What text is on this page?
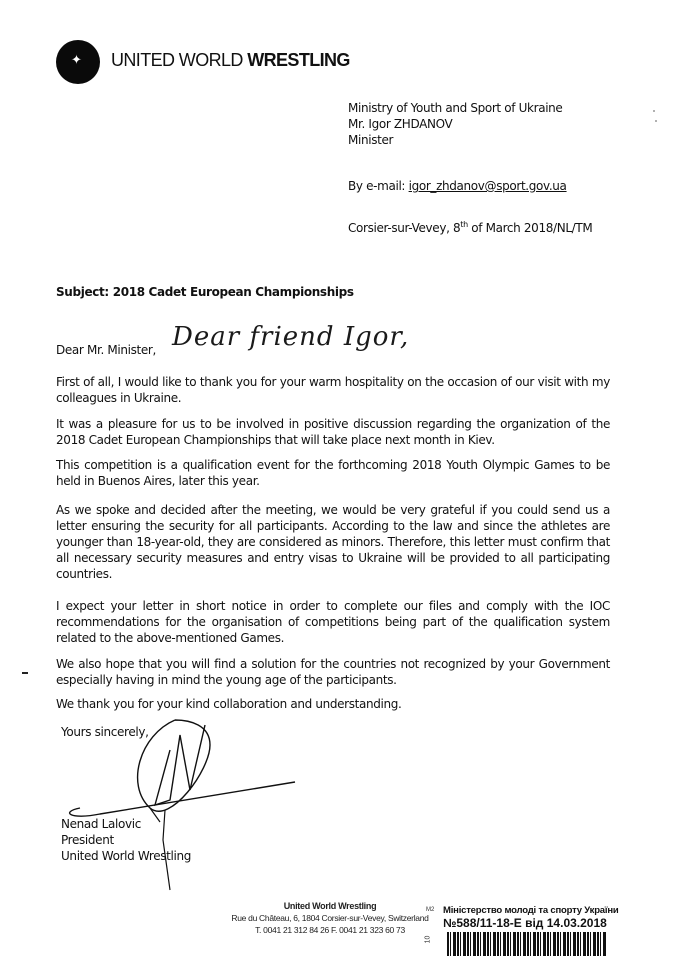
✦ UNITED WORLD WRESTLING
Ministry of Youth and Sport of Ukraine
Mr. Igor ZHDANOV
Minister
By e-mail: igor_zhdanov@sport.gov.ua
Corsier-sur-Vevey, 8th of March 2018/NL/TM
Subject: 2018 Cadet European Championships
Dear Mr. Minister, Dear friend Igor,
First of all, I would like to thank you for your warm hospitality on the occasion of our visit with my colleagues in Ukraine.
It was a pleasure for us to be involved in positive discussion regarding the organization of the 2018 Cadet European Championships that will take place next month in Kiev.
This competition is a qualification event for the forthcoming 2018 Youth Olympic Games to be held in Buenos Aires, later this year.
As we spoke and decided after the meeting, we would be very grateful if you could send us a letter ensuring the security for all participants. According to the law and since the athletes are younger than 18-year-old, they are considered as minors. Therefore, this letter must confirm that all necessary security measures and entry visas to Ukraine will be provided to all participating countries.
I expect your letter in short notice in order to complete our files and comply with the IOC recommendations for the organisation of competitions being part of the qualification system related to the above-mentioned Games.
We also hope that you will find a solution for the countries not recognized by your Government especially having in mind the young age of the participants.
We thank you for your kind collaboration and understanding.
Yours sincerely,
Nenad Lalovic
President
United World Wrestling
United World Wrestling
Rue du Château, 6, 1804 Corsier-sur-Vevey, Switzerland
T. 0041 21 312 84 26 F. 0041 21 323 60 73
М2
10
Міністерство молоді та спорту України
№588/11-18-Е від 14.03.2018
